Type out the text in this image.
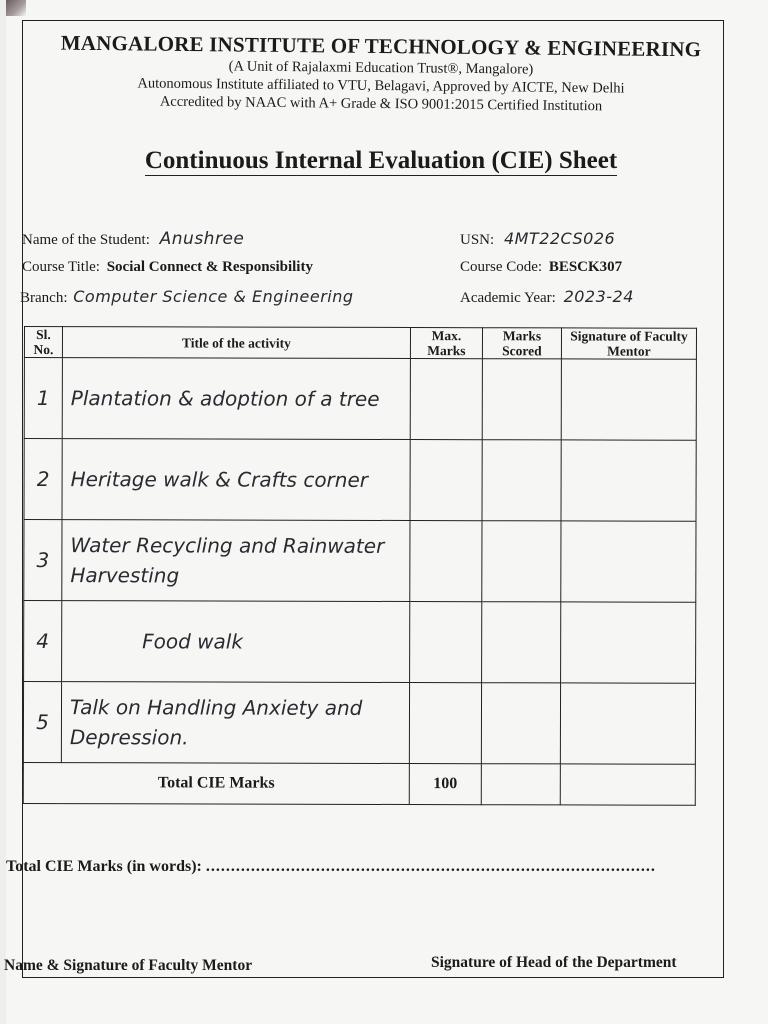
MANGALORE INSTITUTE OF TECHNOLOGY & ENGINEERING
(A Unit of Rajalaxmi Education Trust®, Mangalore)
Autonomous Institute affiliated to VTU, Belagavi, Approved by AICTE, New Delhi
Accredited by NAAC with A+ Grade & ISO 9001:2015 Certified Institution
Continuous Internal Evaluation (CIE) Sheet
Name of the Student: Anushree	USN: 4MT22CS026
Course Title: Social Connect & Responsibility	Course Code: BESCK307
Branch: Computer Science & Engineering	Academic Year: 2023-24
Sl. No.	Title of the activity	Max. Marks	Marks Scored	Signature of Faculty Mentor
1	Plantation & adoption of a tree			
2	Heritage walk & Crafts corner			
3	Water Recycling and Rainwater Harvesting			
4	Food walk			
5	Talk on Handling Anxiety and Depression.			
Total CIE Marks		100		
Total CIE Marks (in words): ..........................................................................................
Name & Signature of Faculty Mentor	Signature of Head of the Department
